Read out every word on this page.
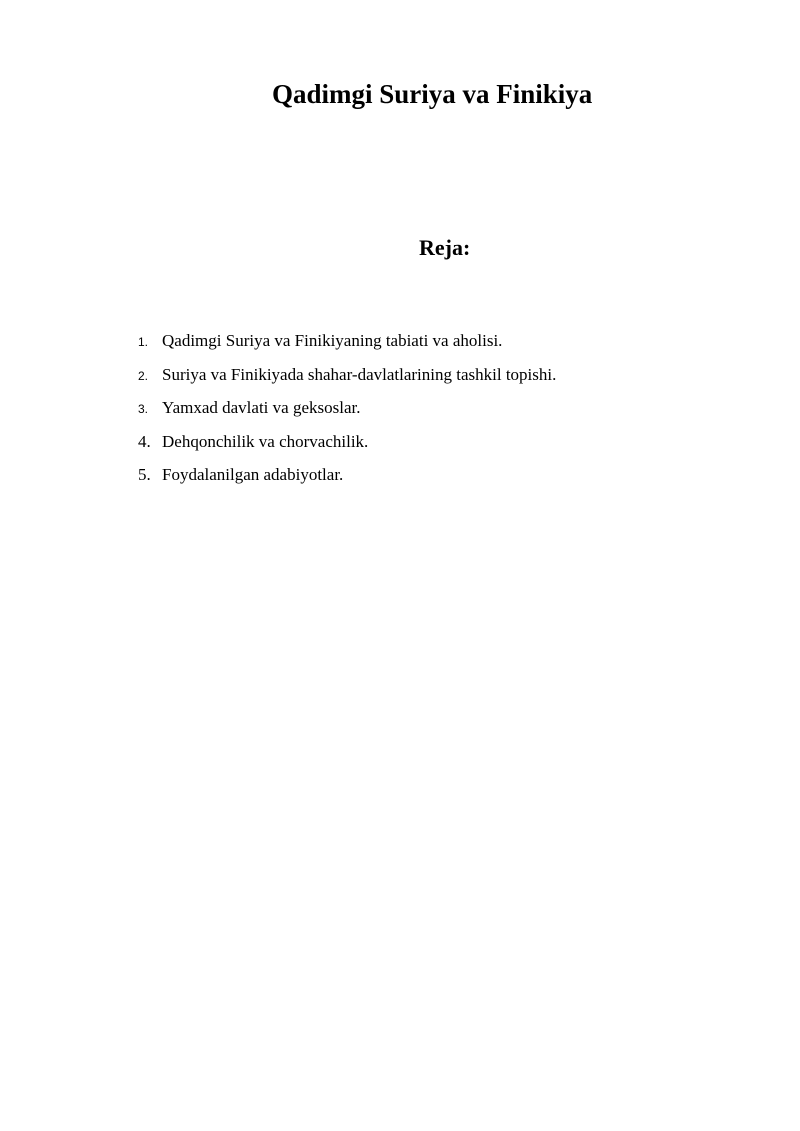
Qadimgi Suriya va Finikiya
Reja:
1. Qadimgi Suriya va Finikiyaning tabiati va aholisi.
2. Suriya va Finikiyada shahar-davlatlarining tashkil topishi.
3. Yamxad davlati va geksoslar.
4. Dehqonchilik va chorvachilik.
5. Foydalanilgan adabiyotlar.
